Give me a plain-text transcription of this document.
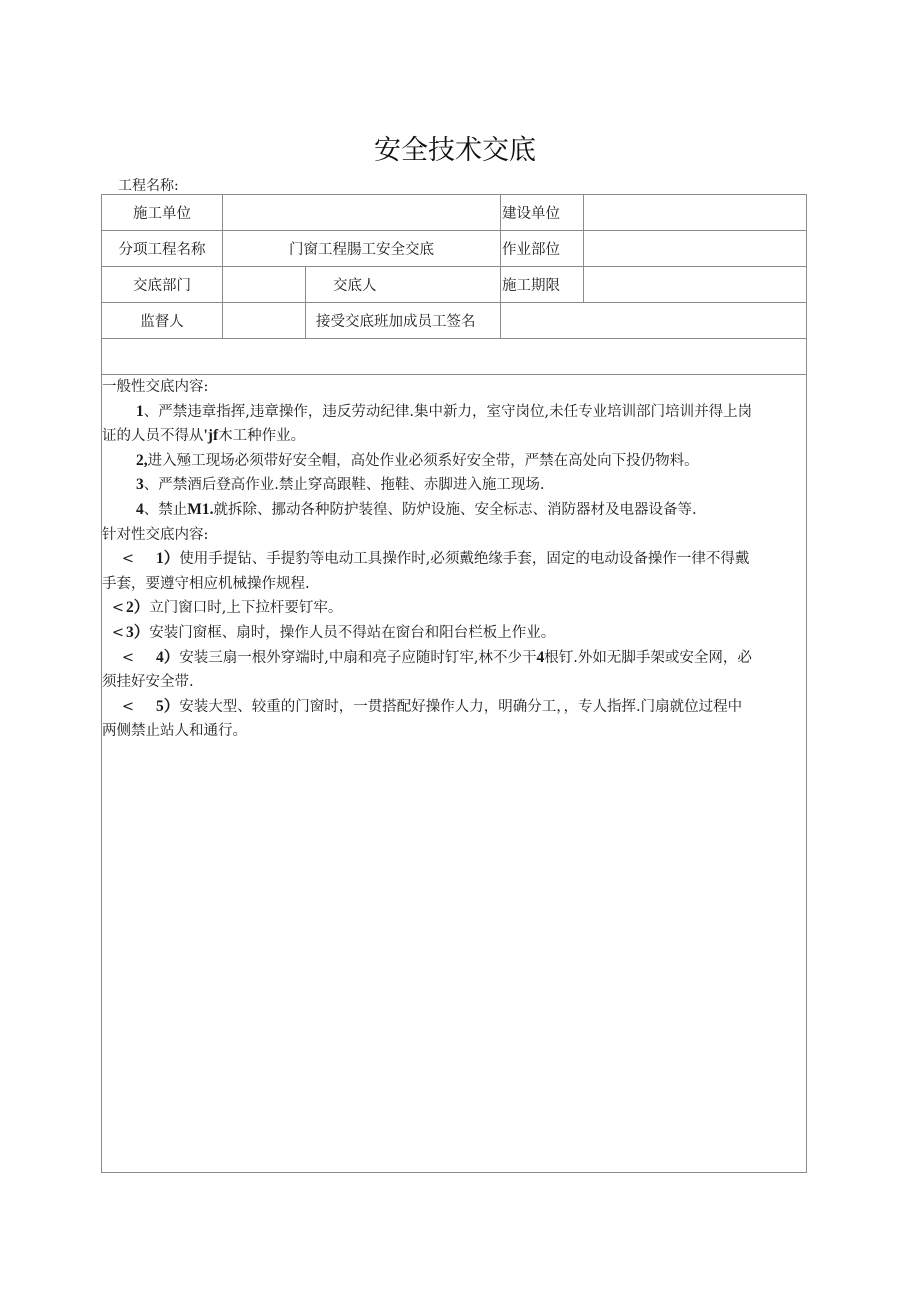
安全技术交底
工程名称:
施工单位			建设单位	
分项工程名称	门窗工程腸工安全交底		作业部位	
交底部门		交底人	施工期限	
监督人		接受交底班加成员工签名		

一般性交底内容:
1、严禁违章指挥,违章操作，违反劳动纪律.集中新力，室守岗位,未任专业培训部门培训并得上岗
证的人员不得从'jf木工种作业。
2,进入殛工现场必须带好安全帽，高处作业必须系好安全带，严禁在高处向下投仍物料。
3、严禁酒后登高作业.禁止穿高跟鞋、拖鞋、赤脚进入施工现场.
4、禁止M1.就拆除、挪动各种防护装徨、防炉设施、安全标志、消防器材及电器设备等.
针对性交底内容:
< 1）使用手提钻、手提豹等电动工具操作时,必须戴绝缘手套，固定的电动设备操作一律不得戴
手套，要遵守相应机械操作规程.
< 2）立门窗口时,上下拉杆要钉牢。
< 3）安装门窗框、扇时，操作人员不得站在窗台和阳台栏板上作业。
< 4）安装三扇一根外穿端时,中扇和亮子应随时钉牢,林不少干4根钉.外如无脚手架或安全网，必
须挂好安全带.
< 5）安装大型、较重的门窗时，一贯搭配好操作人力，明确分工，，专人指挥.门扇就位过程中
两侧禁止站人和通行。
